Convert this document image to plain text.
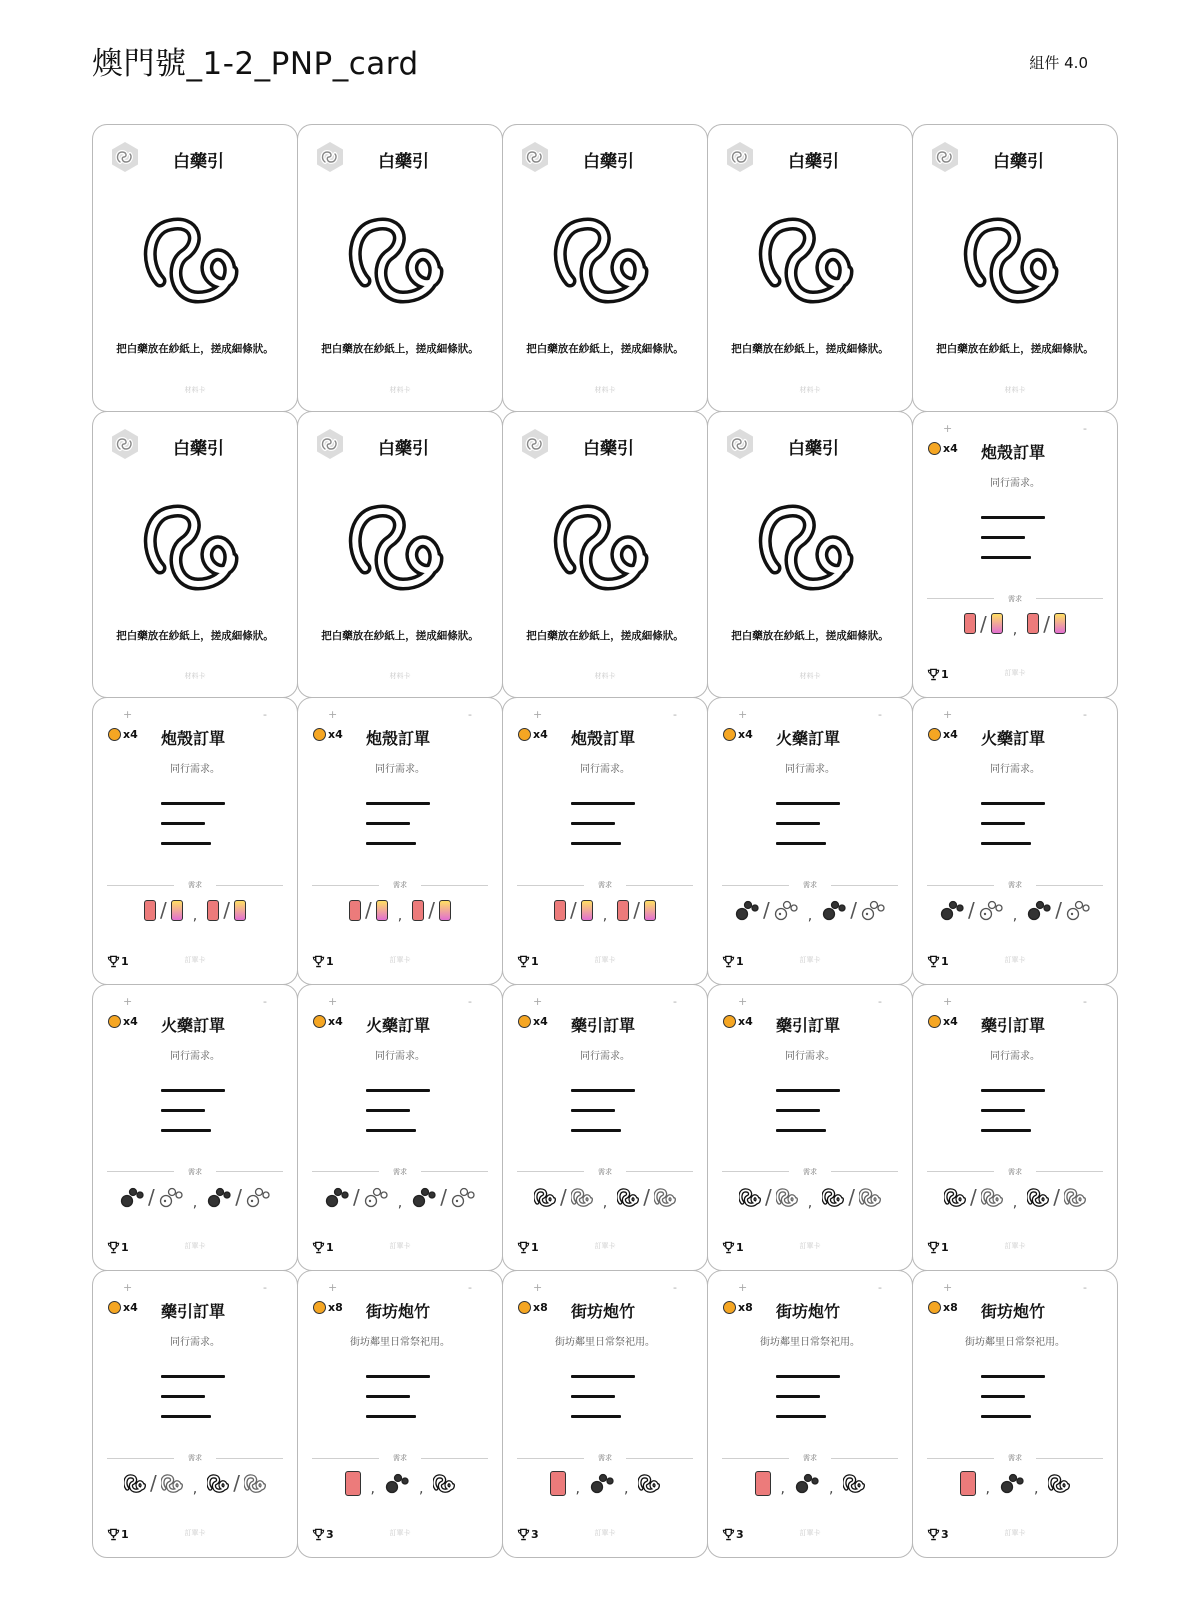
燠門號_1-2_PNP_card	組件 4.0
白藥引
把白藥放在紗紙上，搓成細條狀。
材料卡
白藥引
把白藥放在紗紙上，搓成細條狀。
材料卡
白藥引
把白藥放在紗紙上，搓成細條狀。
材料卡
白藥引
把白藥放在紗紙上，搓成細條狀。
材料卡
白藥引
把白藥放在紗紙上，搓成細條狀。
材料卡
白藥引
把白藥放在紗紙上，搓成細條狀。
材料卡
白藥引
把白藥放在紗紙上，搓成細條狀。
材料卡
白藥引
把白藥放在紗紙上，搓成細條狀。
材料卡
白藥引
把白藥放在紗紙上，搓成細條狀。
材料卡
+	-
x4 炮殼訂單
同行需求。
需求
/ , /
1	訂單卡
+	-
x4 炮殼訂單
同行需求。
需求
/ , /
1	訂單卡
+	-
x4 炮殼訂單
同行需求。
需求
/ , /
1	訂單卡
+	-
x4 炮殼訂單
同行需求。
需求
/ , /
1	訂單卡
+	-
x4 火藥訂單
同行需求。
需求
/	, /
1	訂單卡
+	-
x4 火藥訂單
同行需求。
需求
/	, /
1	訂單卡
+	-
x4 火藥訂單
同行需求。
需求
/	, /
1	訂單卡
+	-
x4 火藥訂單
同行需求。
需求
/	, /
1	訂單卡
+	-
x4 藥引訂單
同行需求。
需求
/	, /
1	訂單卡
+	-
x4 藥引訂單
同行需求。
需求
/	, /
1	訂單卡
+	-
x4 藥引訂單
同行需求。
需求
/	, /
1	訂單卡
+	-
x4 藥引訂單
同行需求。
需求
/	, /
1	訂單卡
+	-
x8 街坊炮竹
街坊鄰里日常祭祀用。
需求
,	,
3	訂單卡
+	-
x8 街坊炮竹
街坊鄰里日常祭祀用。
需求
,	,
3	訂單卡
+	-
x8 街坊炮竹
街坊鄰里日常祭祀用。
需求
,	,
3	訂單卡
+	-
x8 街坊炮竹
街坊鄰里日常祭祀用。
需求
,	,
3	訂單卡
